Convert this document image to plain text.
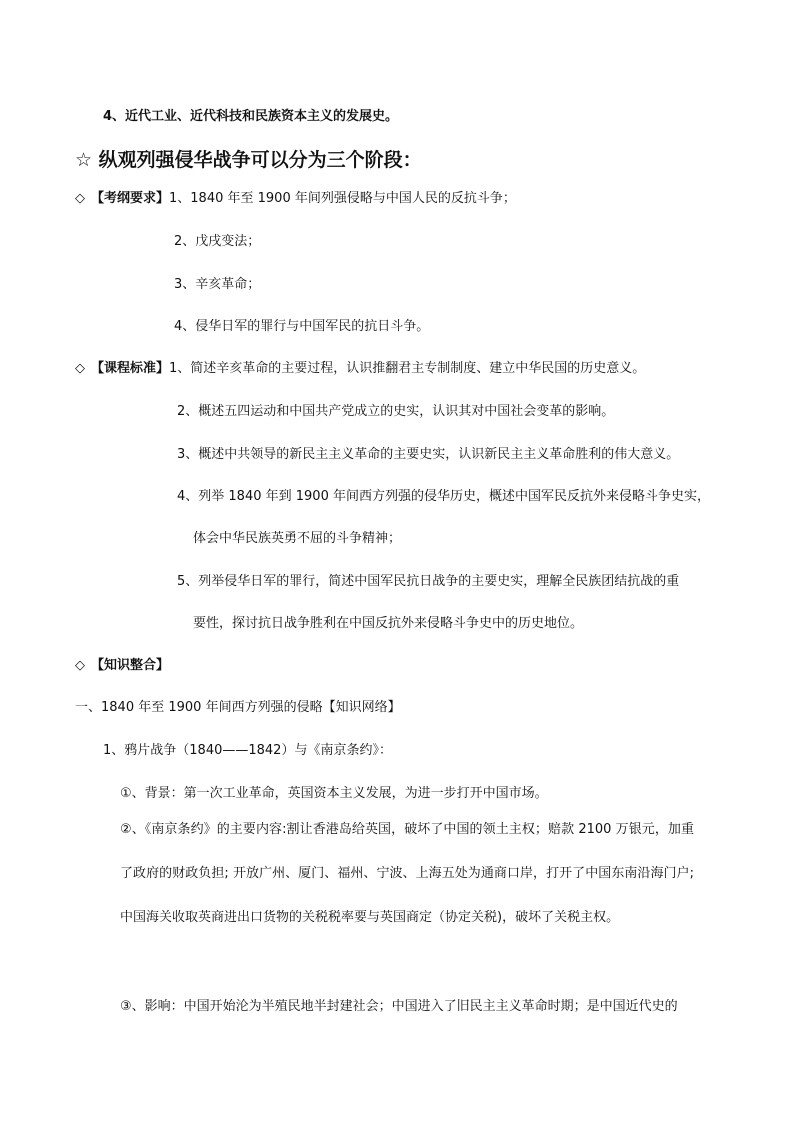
4、近代工业、近代科技和民族资本主义的发展史。
☆ 纵观列强侵华战争可以分为三个阶段：
◇ 【考纲要求】1、1840 年至 1900 年间列强侵略与中国人民的反抗斗争；
2、戊戌变法；
3、辛亥革命；
4、侵华日军的罪行与中国军民的抗日斗争。
◇ 【课程标准】1、简述辛亥革命的主要过程，认识推翻君主专制制度、建立中华民国的历史意义。
2、概述五四运动和中国共产党成立的史实，认识其对中国社会变革的影响。
3、概述中共领导的新民主主义革命的主要史实，认识新民主主义革命胜利的伟大意义。
4、列举 1840 年到 1900 年间西方列强的侵华历史，概述中国军民反抗外来侵略斗争史实，
体会中华民族英勇不屈的斗争精神；
5、列举侵华日军的罪行，简述中国军民抗日战争的主要史实，理解全民族团结抗战的重
要性，探讨抗日战争胜利在中国反抗外来侵略斗争史中的历史地位。
◇ 【知识整合】
一、1840 年至 1900 年间西方列强的侵略【知识网络】
1、鸦片战争（1840——1842）与《南京条约》：
①、背景：第一次工业革命，英国资本主义发展，为进一步打开中国市场。
②、《南京条约》的主要内容:割让香港岛给英国，破坏了中国的领土主权；赔款 2100 万银元，加重了政府的财政负担; 开放广州、厦门、福州、宁波、上海五处为通商口岸，打开了中国东南沿海门户; 中国海关收取英商进出口货物的关税税率要与英国商定（协定关税)，破坏了关税主权。
③、影响：中国开始沦为半殖民地半封建社会；中国进入了旧民主主义革命时期；是中国近代史的
